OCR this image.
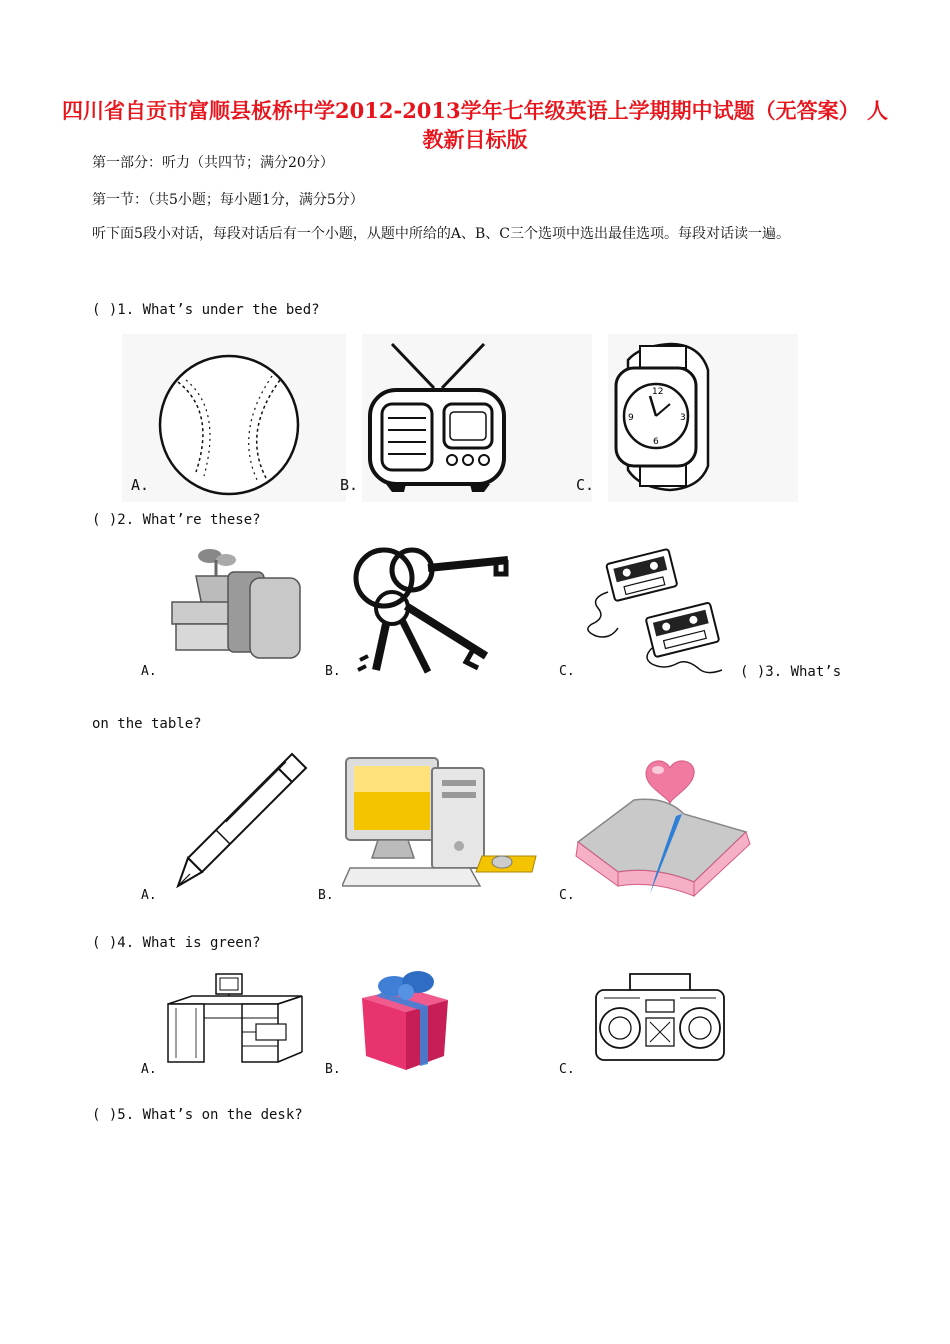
四川省自贡市富顺县板桥中学2012-2013学年七年级英语上学期期中试题（无答案） 人教新目标版
第一部分：听力（共四节；满分20分）
第一节：（共5小题；每小题1分，满分5分）
听下面5段小对话，每段对话后有一个小题，从题中所给的A、B、C三个选项中选出最佳选项。每段对话读一遍。
( )1. What’s under the bed?
A.	B.
12
3
6
9
C.
( )2. What’re these?
A.	B.	C.	( )3. What’s
on the table?
A.	B.	C.
( )4. What is green?
A.	B.	C.
( )5. What’s on the desk?
